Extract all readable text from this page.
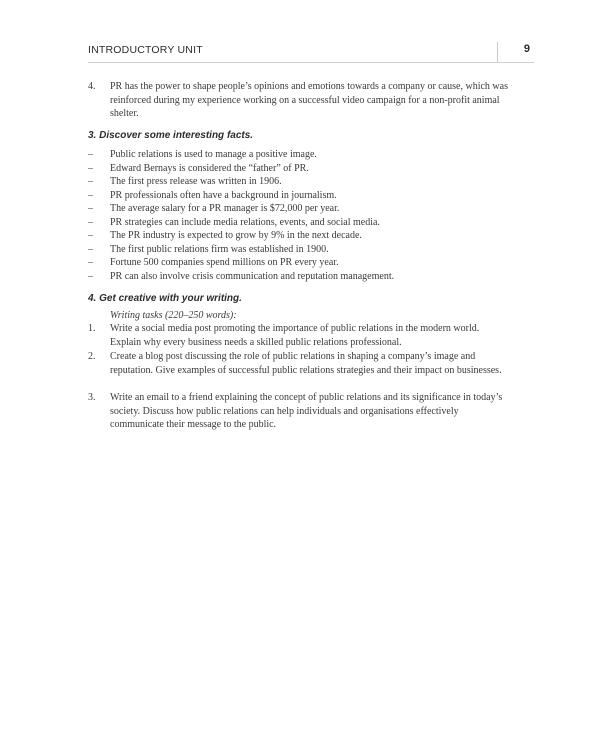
INTRODUCTORY UNIT	9
4. PR has the power to shape people’s opinions and emotions towards a company or cause, which was reinforced during my experience working on a successful video campaign for a non-profit animal shelter.
3. Discover some interesting facts.
– Public relations is used to manage a positive image.
– Edward Bernays is considered the “father” of PR.
– The first press release was written in 1906.
– PR professionals often have a background in journalism.
– The average salary for a PR manager is $72,000 per year.
– PR strategies can include media relations, events, and social media.
– The PR industry is expected to grow by 9% in the next decade.
– The first public relations firm was established in 1900.
– Fortune 500 companies spend millions on PR every year.
– PR can also involve crisis communication and reputation management.
4. Get creative with your writing.
Writing tasks (220–250 words):
1. Write a social media post promoting the importance of public relations in the modern world. Explain why every business needs a skilled public relations professional.
2. Create a blog post discussing the role of public relations in shaping a company’s image and reputation. Give examples of successful public relations strategies and their impact on businesses.
3. Write an email to a friend explaining the concept of public relations and its significance in today’s society. Discuss how public relations can help individuals and organisations effectively communicate their message to the public.
